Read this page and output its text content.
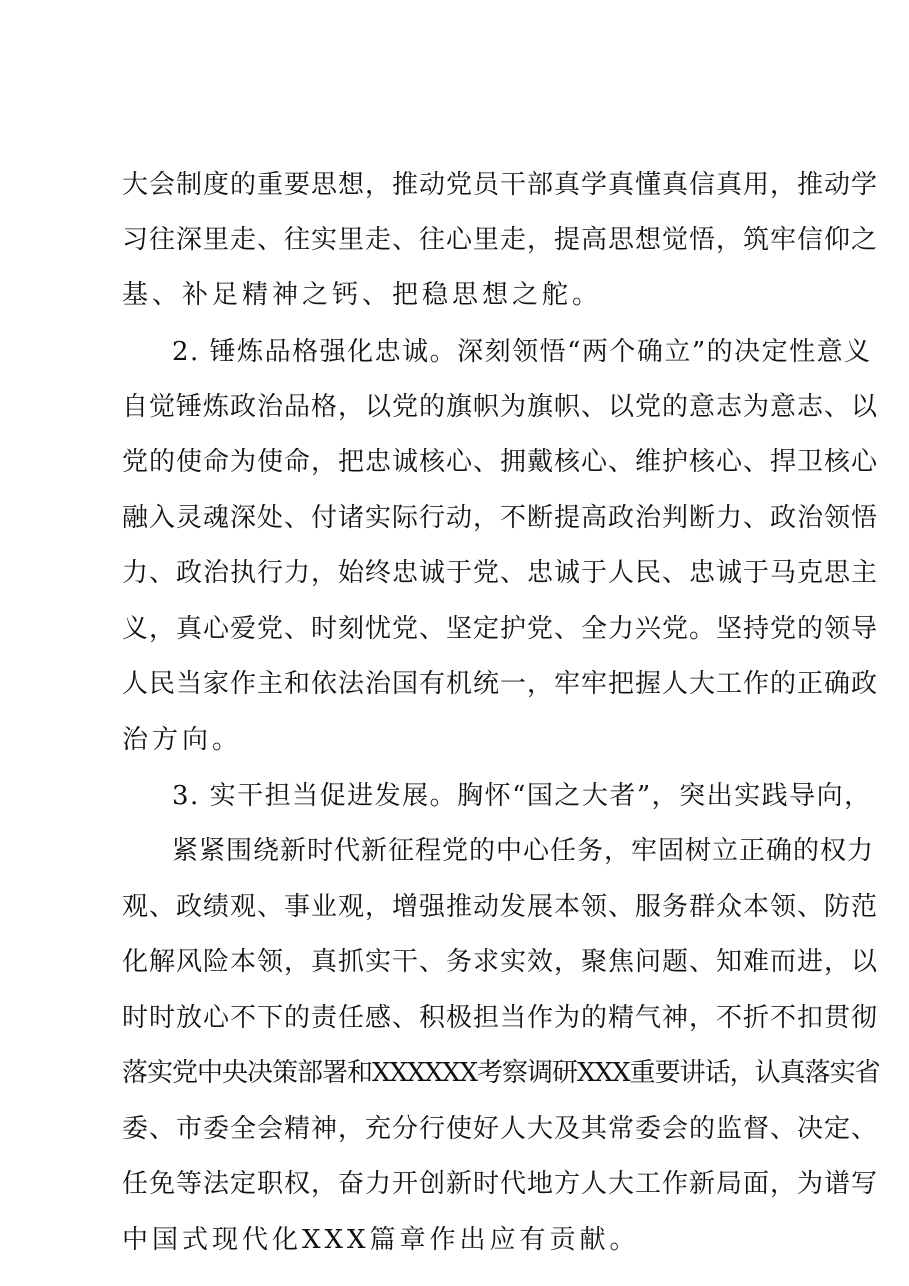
大会制度的重要思想，推动党员干部真学真懂真信真用，推动学
习往深里走、往实里走、往心里走，提高思想觉悟，筑牢信仰之
基、补足精神之钙、把稳思想之舵。
2. 锤炼品格强化忠诚。深刻领悟“两个确立”的决定性意义
自觉锤炼政治品格，以党的旗帜为旗帜、以党的意志为意志、以
党的使命为使命，把忠诚核心、拥戴核心、维护核心、捍卫核心
融入灵魂深处、付诸实际行动，不断提高政治判断力、政治领悟
力、政治执行力，始终忠诚于党、忠诚于人民、忠诚于马克思主
义，真心爱党、时刻忧党、坚定护党、全力兴党。坚持党的领导
人民当家作主和依法治国有机统一，牢牢把握人大工作的正确政
治方向。
3. 实干担当促进发展。胸怀“国之大者”，突出实践导向，
紧紧围绕新时代新征程党的中心任务，牢固树立正确的权力
观、政绩观、事业观，增强推动发展本领、服务群众本领、防范
化解风险本领，真抓实干、务求实效，聚焦问题、知难而进，以
时时放心不下的责任感、积极担当作为的精气神，不折不扣贯彻
落实党中央决策部署和XXXXXX考察调研XXX重要讲话，认真落实省
委、市委全会精神，充分行使好人大及其常委会的监督、决定、
任免等法定职权，奋力开创新时代地方人大工作新局面，为谱写
中国式现代化XXX篇章作出应有贡献。
